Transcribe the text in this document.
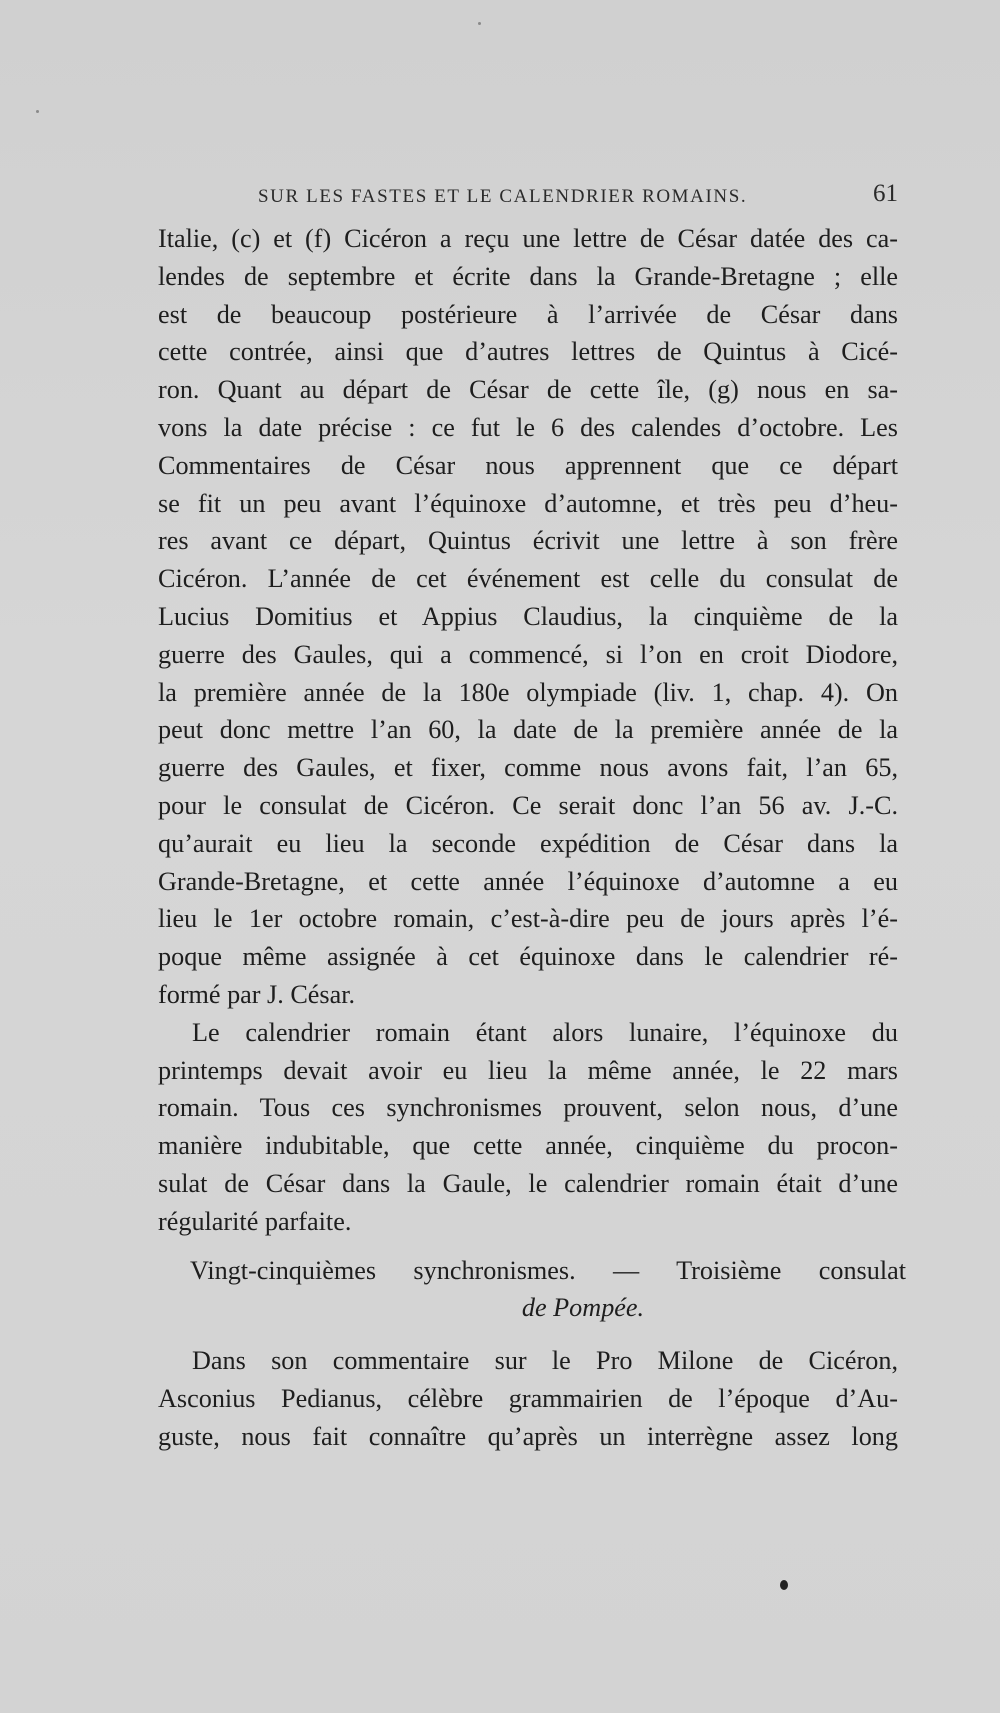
SUR LES FASTES ET LE CALENDRIER ROMAINS.	61
Italie, (c) et (f) Cicéron a reçu une lettre de César datée des ca-
lendes de septembre et écrite dans la Grande-Bretagne ; elle
est de beaucoup postérieure à l’arrivée de César dans
cette contrée, ainsi que d’autres lettres de Quintus à Cicé-
ron. Quant au départ de César de cette île, (g) nous en sa-
vons la date précise : ce fut le 6 des calendes d’octobre. Les
Commentaires de César nous apprennent que ce départ
se fit un peu avant l’équinoxe d’automne, et très peu d’heu-
res avant ce départ, Quintus écrivit une lettre à son frère
Cicéron. L’année de cet événement est celle du consulat de
Lucius Domitius et Appius Claudius, la cinquième de la
guerre des Gaules, qui a commencé, si l’on en croit Diodore,
la première année de la 180e olympiade (liv. 1, chap. 4). On
peut donc mettre l’an 60, la date de la première année de la
guerre des Gaules, et fixer, comme nous avons fait, l’an 65,
pour le consulat de Cicéron. Ce serait donc l’an 56 av. J.-C.
qu’aurait eu lieu la seconde expédition de César dans la
Grande-Bretagne, et cette année l’équinoxe d’automne a eu
lieu le 1er octobre romain, c’est-à-dire peu de jours après l’é-
poque même assignée à cet équinoxe dans le calendrier ré-
formé par J. César.
Le calendrier romain étant alors lunaire, l’équinoxe du
printemps devait avoir eu lieu la même année, le 22 mars
romain. Tous ces synchronismes prouvent, selon nous, d’une
manière indubitable, que cette année, cinquième du procon-
sulat de César dans la Gaule, le calendrier romain était d’une
régularité parfaite.
Vingt-cinquièmes synchronismes. — Troisième consulat
de Pompée.
Dans son commentaire sur le Pro Milone de Cicéron,
Asconius Pedianus, célèbre grammairien de l’époque d’Au-
guste, nous fait connaître qu’après un interrègne assez long
